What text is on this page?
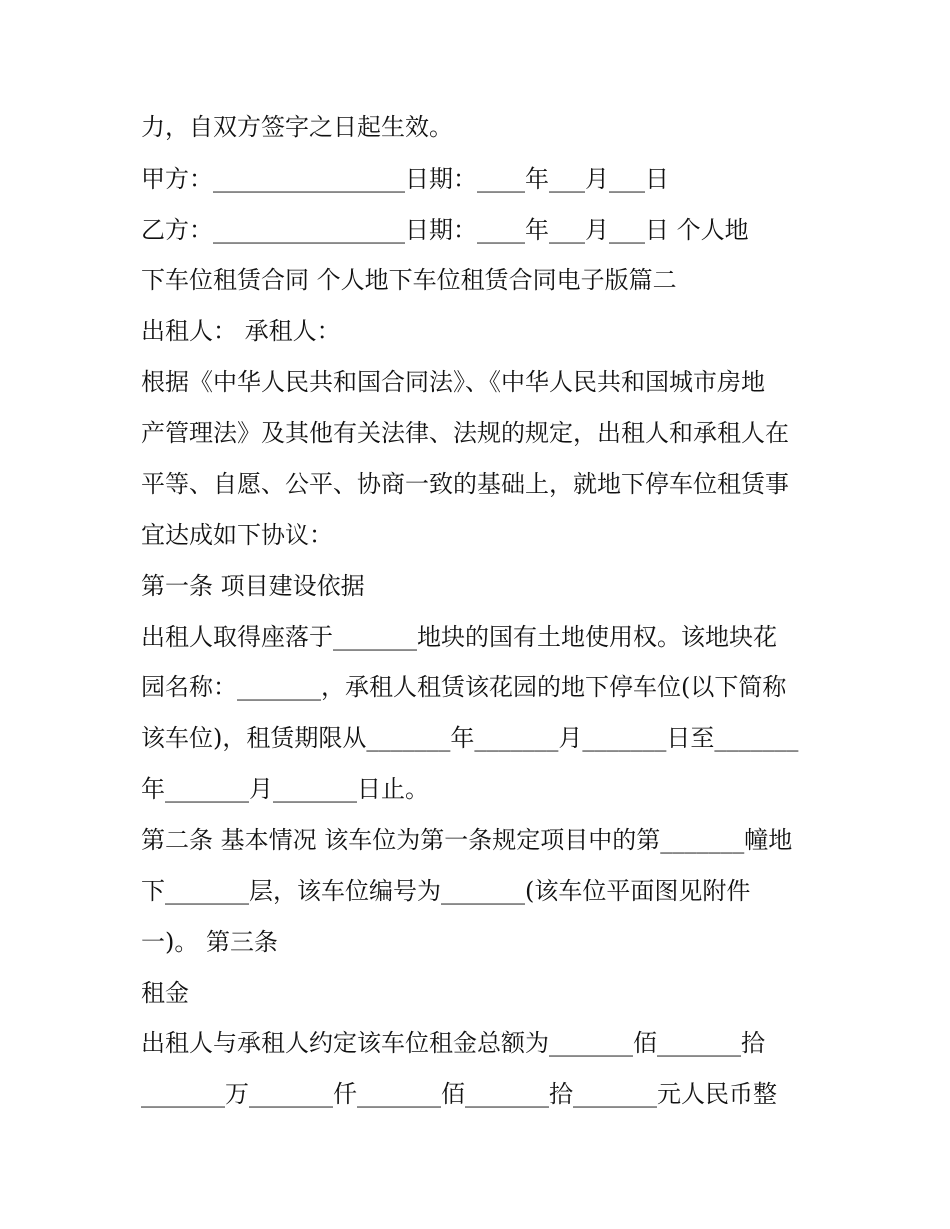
力，自双方签字之日起生效。
甲方：________________日期：____年___月___日
乙方：________________日期：____年___月___日 个人地
下车位租赁合同 个人地下车位租赁合同电子版篇二
出租人： 承租人：
根据《中华人民共和国合同法》、《中华人民共和国城市房地
产管理法》及其他有关法律、法规的规定，出租人和承租人在
平等、自愿、公平、协商一致的基础上，就地下停车位租赁事
宜达成如下协议：
第一条 项目建设依据
出租人取得座落于_______地块的国有土地使用权。该地块花
园名称：_______，承租人租赁该花园的地下停车位(以下简称
该车位)，租赁期限从_______年_______月_______日至_______
年_______月_______日止。
第二条 基本情况 该车位为第一条规定项目中的第_______幢地
下_______层，该车位编号为_______(该车位平面图见附件
一)。 第三条
租金
出租人与承租人约定该车位租金总额为_______佰_______拾
_______万_______仟_______佰_______拾_______元人民币整
